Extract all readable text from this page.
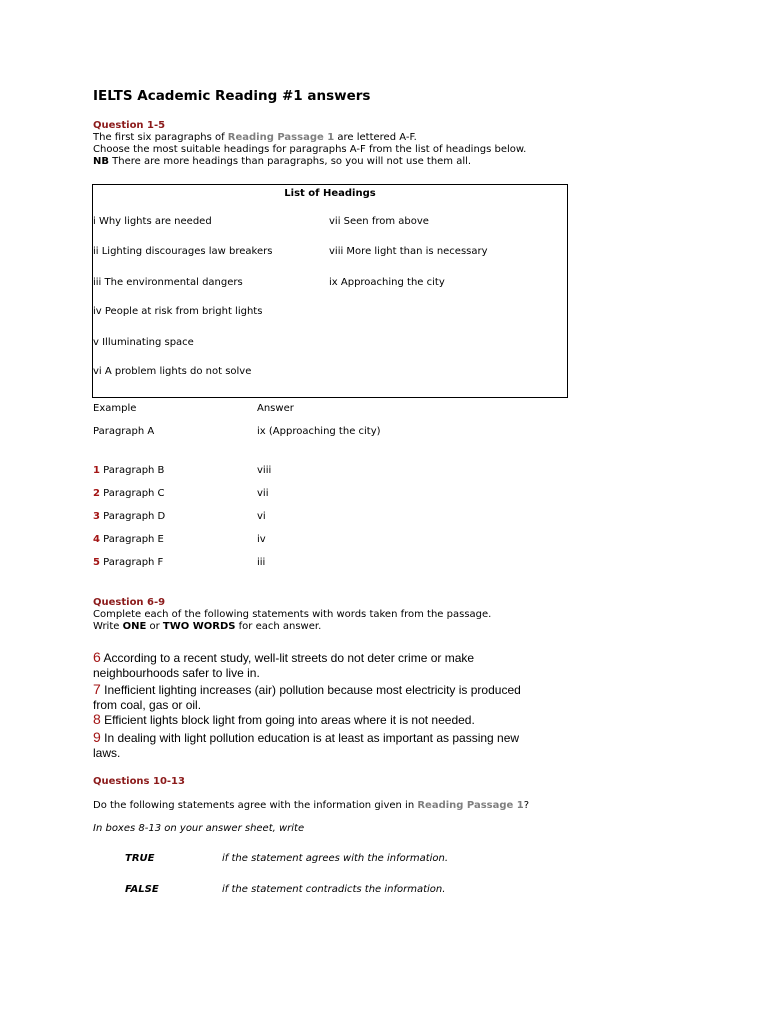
IELTS Academic Reading #1 answers
Question 1-5
The first six paragraphs of Reading Passage 1 are lettered A-F.
Choose the most suitable headings for paragraphs A-F from the list of headings below.
NB There are more headings than paragraphs, so you will not use them all.
List of Headings
i Why lights are needed
ii Lighting discourages law breakers
iii The environmental dangers
iv People at risk from bright lights
v Illuminating space
vi A problem lights do not solve
vii Seen from above
viii More light than is necessary
ix Approaching the city
Example	Answer
Paragraph A	ix (Approaching the city)
1 Paragraph B	viii
2 Paragraph C	vii
3 Paragraph D	vi
4 Paragraph E	iv
5 Paragraph F	iii
Question 6-9
Complete each of the following statements with words taken from the passage.
Write ONE or TWO WORDS for each answer.
6 According to a recent study, well-lit streets do not deter crime or make
neighbourhoods safer to live in.
7 Inefficient lighting increases (air) pollution because most electricity is produced
from coal, gas or oil.
8 Efficient lights block light from going into areas where it is not needed.
9 In dealing with light pollution education is at least as important as passing new
laws.
Questions 10-13
Do the following statements agree with the information given in Reading Passage 1?
In boxes 8-13 on your answer sheet, write
TRUE	if the statement agrees with the information.
FALSE	if the statement contradicts the information.
